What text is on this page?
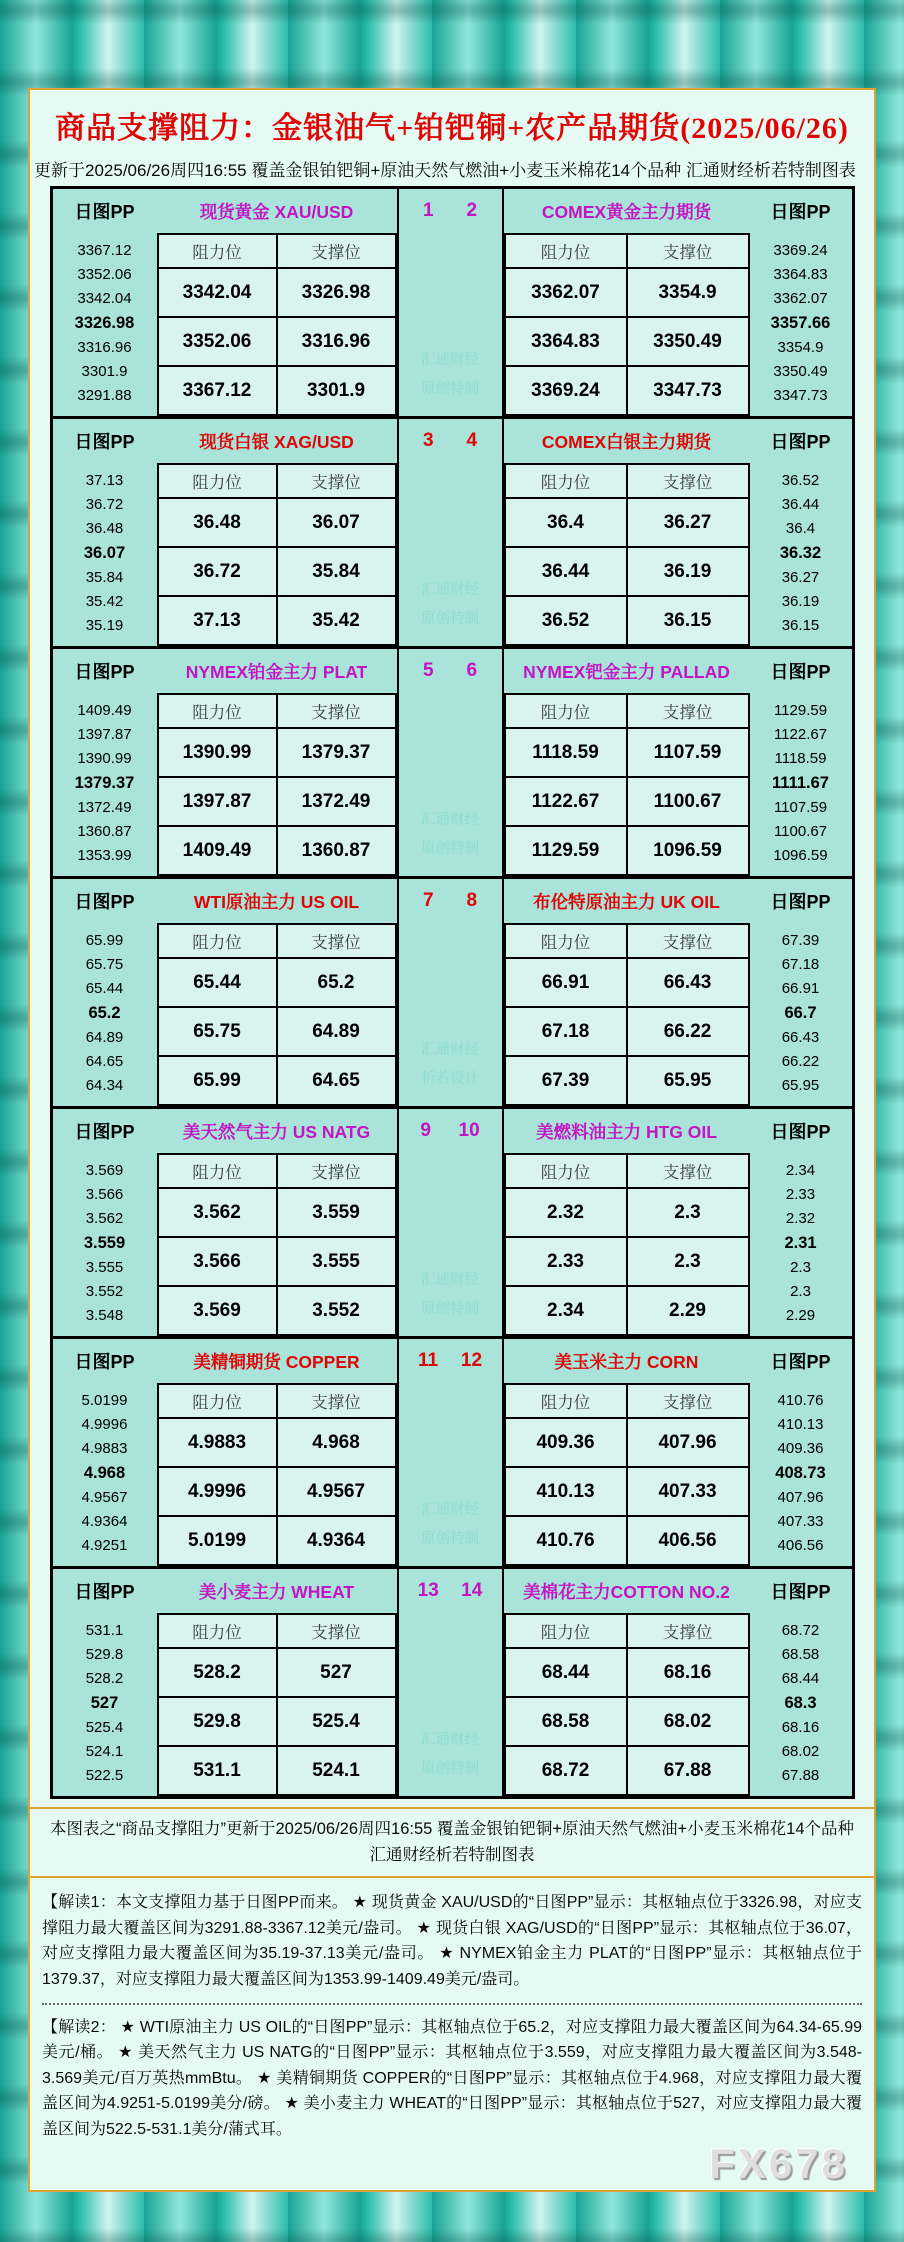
商品支撑阻力：金银油气+铂钯铜+农产品期货(2025/06/26)
更新于2025/06/26周四16:55 覆盖金银铂钯铜+原油天然气燃油+小麦玉米棉花14个品种 汇通财经析若特制图表
日图PP	现货黄金 XAU/USD	1 2
汇通财经
原创特制
COMEX黄金主力期货	日图PP
3367.12
3352.06
3342.04
3326.98
3316.96
3301.9
3291.88
阻力位	支撑位
3342.04	3326.98
3352.06	3316.96
3367.12	3301.9
阻力位	支撑位
3362.07	3354.9
3364.83	3350.49
3369.24	3347.73
3369.24
3364.83
3362.07
3357.66
3354.9
3350.49
3347.73
日图PP	现货白银 XAG/USD	3 4
汇通财经
原创特制
COMEX白银主力期货	日图PP
37.13
36.72
36.48
36.07
35.84
35.42
35.19
阻力位	支撑位
36.48	36.07
36.72	35.84
37.13	35.42
阻力位	支撑位
36.4	36.27
36.44	36.19
36.52	36.15
36.52
36.44
36.4
36.32
36.27
36.19
36.15
日图PP	NYMEX铂金主力 PLAT	5 6
汇通财经
原创特制
NYMEX钯金主力 PALLAD	日图PP
1409.49
1397.87
1390.99
1379.37
1372.49
1360.87
1353.99
阻力位	支撑位
1390.99	1379.37
1397.87	1372.49
1409.49	1360.87
阻力位	支撑位
1118.59	1107.59
1122.67	1100.67
1129.59	1096.59
1129.59
1122.67
1118.59
1111.67
1107.59
1100.67
1096.59
日图PP	WTI原油主力 US OIL	7 8
汇通财经
析若设计
布伦特原油主力 UK OIL	日图PP
65.99
65.75
65.44
65.2
64.89
64.65
64.34
阻力位	支撑位
65.44	65.2
65.75	64.89
65.99	64.65
阻力位	支撑位
66.91	66.43
67.18	66.22
67.39	65.95
67.39
67.18
66.91
66.7
66.43
66.22
65.95
日图PP	美天然气主力 US NATG	9 10
汇通财经
原创特制
美燃料油主力 HTG OIL	日图PP
3.569
3.566
3.562
3.559
3.555
3.552
3.548
阻力位	支撑位
3.562	3.559
3.566	3.555
3.569	3.552
阻力位	支撑位
2.32	2.3
2.33	2.3
2.34	2.29
2.34
2.33
2.32
2.31
2.3
2.3
2.29
日图PP	美精铜期货 COPPER	11 12
汇通财经
原创特制
美玉米主力 CORN	日图PP
5.0199
4.9996
4.9883
4.968
4.9567
4.9364
4.9251
阻力位	支撑位
4.9883	4.968
4.9996	4.9567
5.0199	4.9364
阻力位	支撑位
409.36	407.96
410.13	407.33
410.76	406.56
410.76
410.13
409.36
408.73
407.96
407.33
406.56
日图PP	美小麦主力 WHEAT	13 14
汇通财经
原创特制
美棉花主力COTTON NO.2	日图PP
531.1
529.8
528.2
527
525.4
524.1
522.5
阻力位	支撑位
528.2	527
529.8	525.4
531.1	524.1
阻力位	支撑位
68.44	68.16
68.58	68.02
68.72	67.88
68.72
68.58
68.44
68.3
68.16
68.02
67.88
本图表之“商品支撑阻力”更新于2025/06/26周四16:55 覆盖金银铂钯铜+原油天然气燃油+小麦玉米棉花14个品种 汇通财经析若特制图表

【解读1：本文支撑阻力基于日图PP而来。 ★ 现货黄金 XAU/USD的“日图PP”显示：其枢轴点位于3326.98，对应支撑阻力最大覆盖区间为3291.88-3367.12美元/盎司。 ★ 现货白银 XAG/USD的“日图PP”显示：其枢轴点位于36.07，对应支撑阻力最大覆盖区间为35.19-37.13美元/盎司。 ★ NYMEX铂金主力 PLAT的“日图PP”显示：其枢轴点位于1379.37，对应支撑阻力最大覆盖区间为1353.99-1409.49美元/盎司。

【解读2： ★ WTI原油主力 US OIL的“日图PP”显示：其枢轴点位于65.2，对应支撑阻力最大覆盖区间为64.34-65.99美元/桶。 ★ 美天然气主力 US NATG的“日图PP”显示：其枢轴点位于3.559，对应支撑阻力最大覆盖区间为3.548-3.569美元/百万英热mmBtu。 ★ 美精铜期货 COPPER的“日图PP”显示：其枢轴点位于4.968，对应支撑阻力最大覆盖区间为4.9251-5.0199美分/磅。 ★ 美小麦主力 WHEAT的“日图PP”显示：其枢轴点位于527，对应支撑阻力最大覆盖区间为522.5-531.1美分/蒲式耳。

FX678
